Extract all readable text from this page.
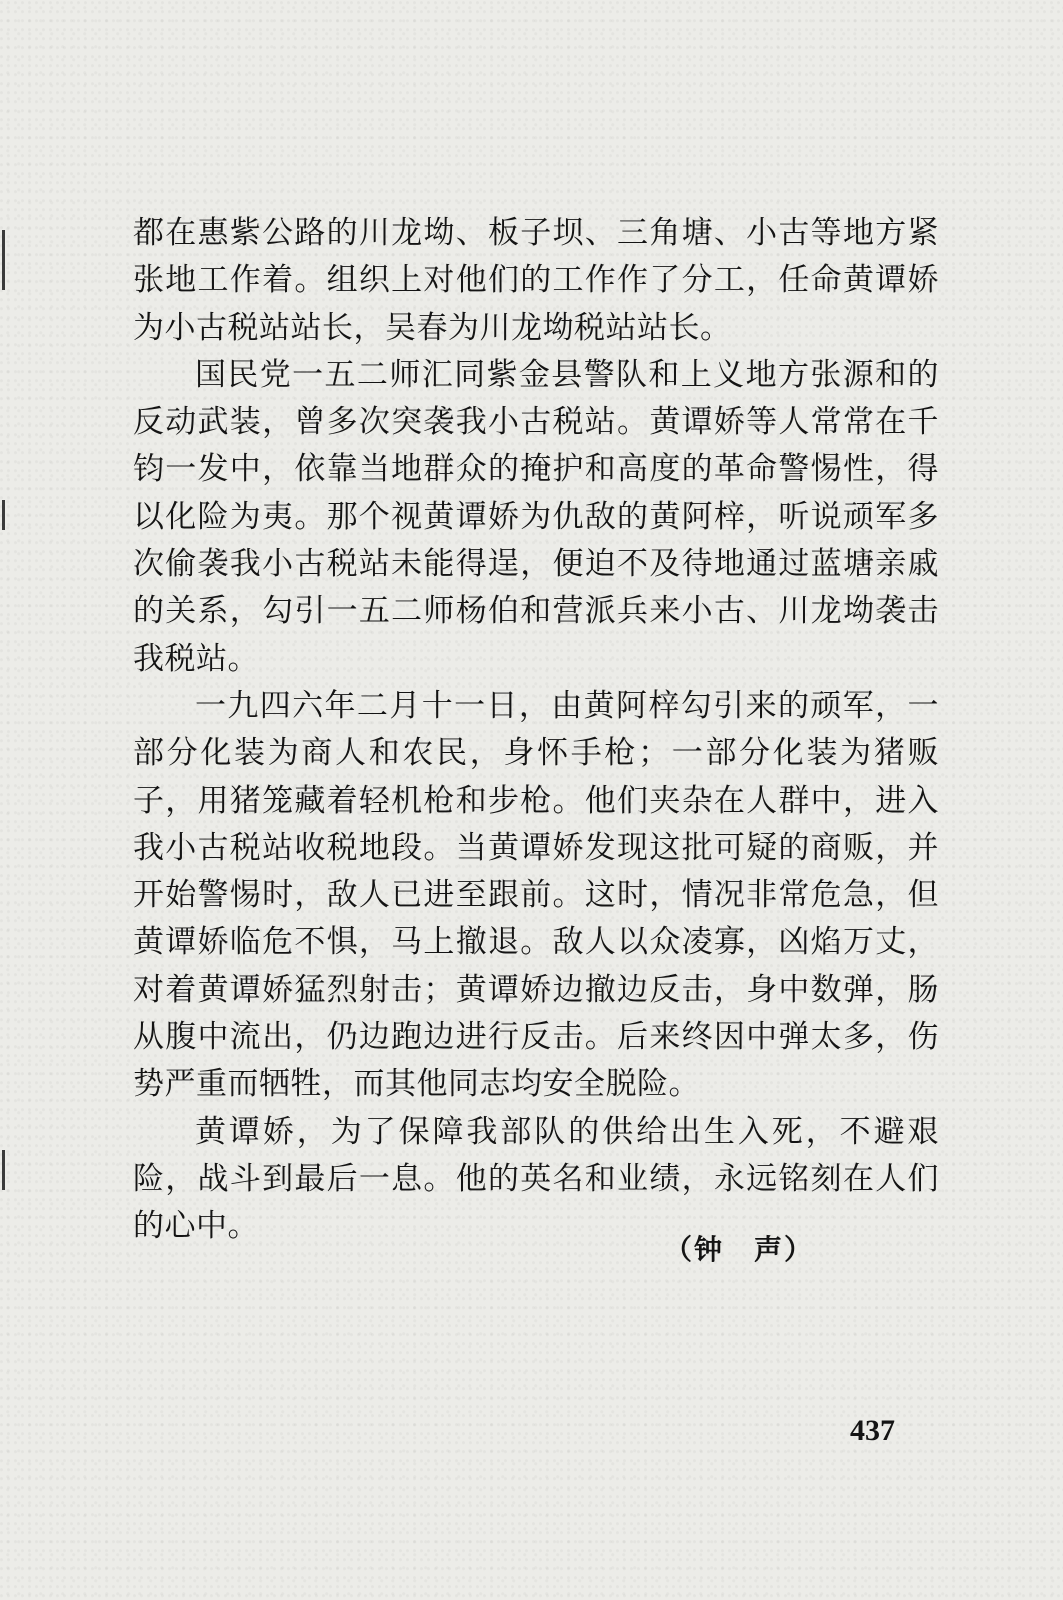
都在惠紫公路的川龙坳、板子坝、三角塘、小古等地方紧张地工作着。组织上对他们的工作作了分工，任命黄谭娇为小古税站站长，吴春为川龙坳税站站长。

国民党一五二师汇同紫金县警队和上义地方张源和的反动武装，曾多次突袭我小古税站。黄谭娇等人常常在千钧一发中，依靠当地群众的掩护和高度的革命警惕性，得以化险为夷。那个视黄谭娇为仇敌的黄阿梓，听说顽军多次偷袭我小古税站未能得逞，便迫不及待地通过蓝塘亲戚的关系，勾引一五二师杨伯和营派兵来小古、川龙坳袭击我税站。

一九四六年二月十一日，由黄阿梓勾引来的顽军，一部分化装为商人和农民，身怀手枪；一部分化装为猪贩子，用猪笼藏着轻机枪和步枪。他们夹杂在人群中，进入我小古税站收税地段。当黄谭娇发现这批可疑的商贩，并开始警惕时，敌人已进至跟前。这时，情况非常危急，但黄谭娇临危不惧，马上撤退。敌人以众凌寡，凶焰万丈，对着黄谭娇猛烈射击；黄谭娇边撤边反击，身中数弹，肠从腹中流出，仍边跑边进行反击。后来终因中弹太多，伤势严重而牺牲，而其他同志均安全脱险。

黄谭娇，为了保障我部队的供给出生入死，不避艰险，战斗到最后一息。他的英名和业绩，永远铭刻在人们的心中。

（钟　声）
437
